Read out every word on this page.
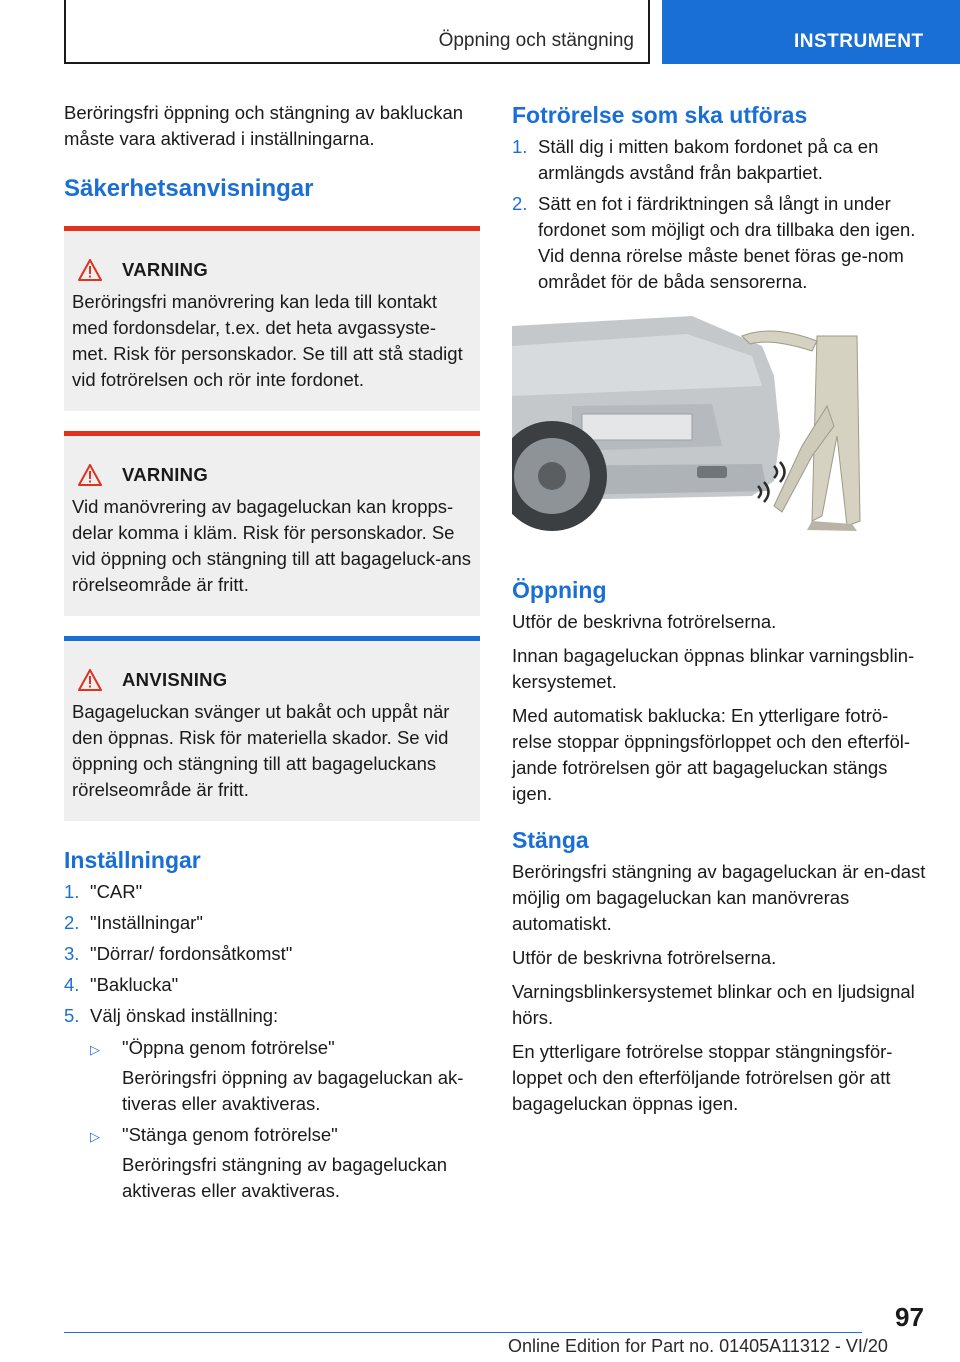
Öppning och stängning	INSTRUMENT

Beröringsfri öppning och stängning av bakluckan måste vara aktiverad i inställningarna.

Säkerhetsanvisningar
VARNING
Beröringsfri manövrering kan leda till kontakt med fordonsdelar, t.ex. det heta avgassyste-met. Risk för personskador. Se till att stå stadigt vid fotrörelsen och rör inte fordonet.
VARNING
Vid manövrering av bagageluckan kan kropps-delar komma i kläm. Risk för personskador. Se vid öppning och stängning till att bagageluck-ans rörelseområde är fritt.
ANVISNING
Bagageluckan svänger ut bakåt och uppåt när den öppnas. Risk för materiella skador. Se vid öppning och stängning till att bagageluckans rörelseområde är fritt.
Inställningar
1. "CAR"
2. "Inställningar"
3. "Dörrar/ fordonsåtkomst"
4. "Baklucka"
5. Välj önskad inställning:
▷	"Öppna genom fotrörelse"

Beröringsfri öppning av bagageluckan ak-tiveras eller avaktiveras.

▷	"Stänga genom fotrörelse"

Beröringsfri stängning av bagageluckan aktiveras eller avaktiveras.

Fotrörelse som ska utföras
1. Ställ dig i mitten bakom fordonet på ca en armlängds avstånd från bakpartiet.
2. Sätt en fot i färdriktningen så långt in under fordonet som möjligt och dra tillbaka den igen. Vid denna rörelse måste benet föras ge-nom området för de båda sensorerna.
Öppning

Utför de beskrivna fotrörelserna.

Innan bagageluckan öppnas blinkar varningsblin-kersystemet.

Med automatisk baklucka: En ytterligare fotrö-relse stoppar öppningsförloppet och den efterföl-jande fotrörelsen gör att bagageluckan stängs igen.

Stänga

Beröringsfri stängning av bagageluckan är en-dast möjlig om bagageluckan kan manövreras automatiskt.

Utför de beskrivna fotrörelserna.

Varningsblinkersystemet blinkar och en ljudsignal hörs.

En ytterligare fotrörelse stoppar stängningsför-loppet och den efterföljande fotrörelsen gör att bagageluckan öppnas igen.

97
Online Edition for Part no. 01405A11312 - VI/20
